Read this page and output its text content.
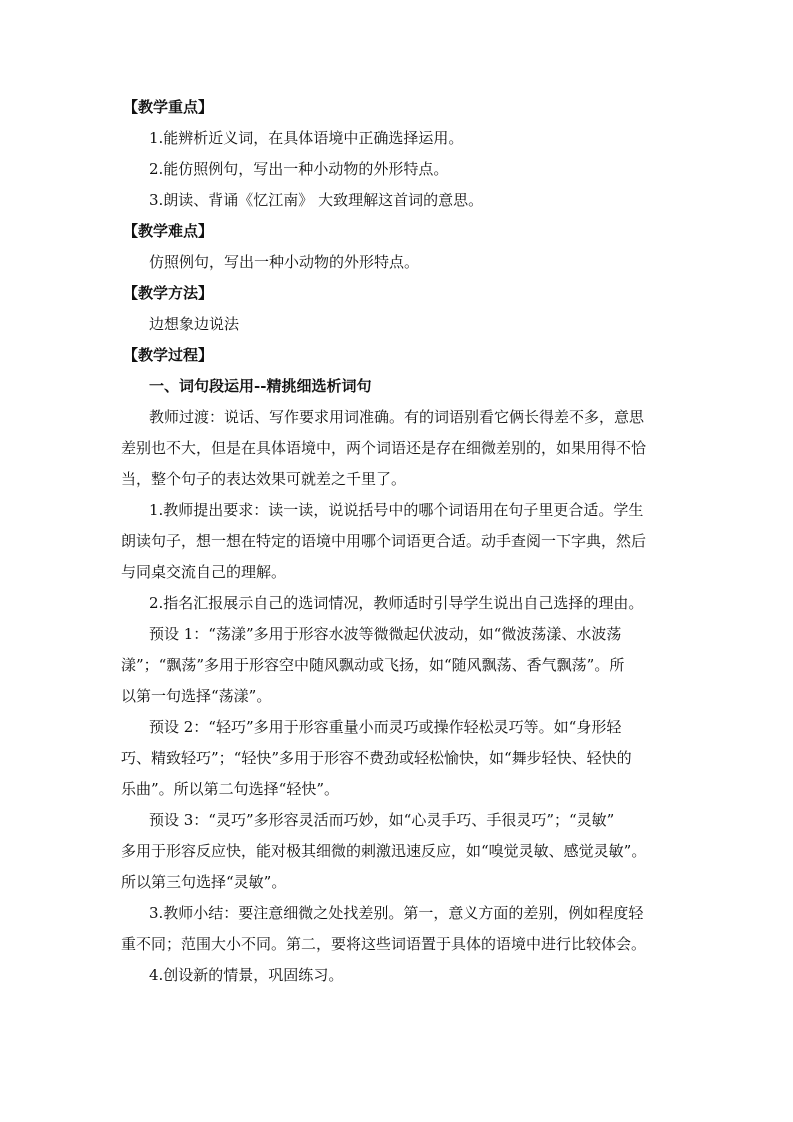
【教学重点】
1.能辨析近义词，在具体语境中正确选择运用。
2.能仿照例句，写出一种小动物的外形特点。
3.朗读、背诵《忆江南》 大致理解这首词的意思。
【教学难点】
仿照例句，写出一种小动物的外形特点。
【教学方法】
边想象边说法
【教学过程】
一、词句段运用--精挑细选析词句
教师过渡：说话、写作要求用词准确。有的词语别看它俩长得差不多，意思
差别也不大，但是在具体语境中，两个词语还是存在细微差别的，如果用得不恰
当，整个句子的表达效果可就差之千里了。
1.教师提出要求：读一读，说说括号中的哪个词语用在句子里更合适。学生
朗读句子，想一想在特定的语境中用哪个词语更合适。动手查阅一下字典，然后
与同桌交流自己的理解。
2.指名汇报展示自己的选词情况，教师适时引导学生说出自己选择的理由。
预设 1：“荡漾”多用于形容水波等微微起伏波动，如“微波荡漾、水波荡
漾”；“飘荡”多用于形容空中随风飘动或飞扬，如“随风飘荡、香气飘荡”。所
以第一句选择“荡漾”。
预设 2：“轻巧”多用于形容重量小而灵巧或操作轻松灵巧等。如“身形轻
巧、精致轻巧”；“轻快”多用于形容不费劲或轻松愉快，如“舞步轻快、轻快的
乐曲”。所以第二句选择“轻快”。
预设 3：“灵巧”多形容灵活而巧妙，如“心灵手巧、手很灵巧”；“灵敏”
多用于形容反应快，能对极其细微的刺激迅速反应，如“嗅觉灵敏、感觉灵敏”。
所以第三句选择“灵敏”。
3.教师小结：要注意细微之处找差别。第一，意义方面的差别，例如程度轻
重不同；范围大小不同。第二，要将这些词语置于具体的语境中进行比较体会。
4.创设新的情景，巩固练习。
